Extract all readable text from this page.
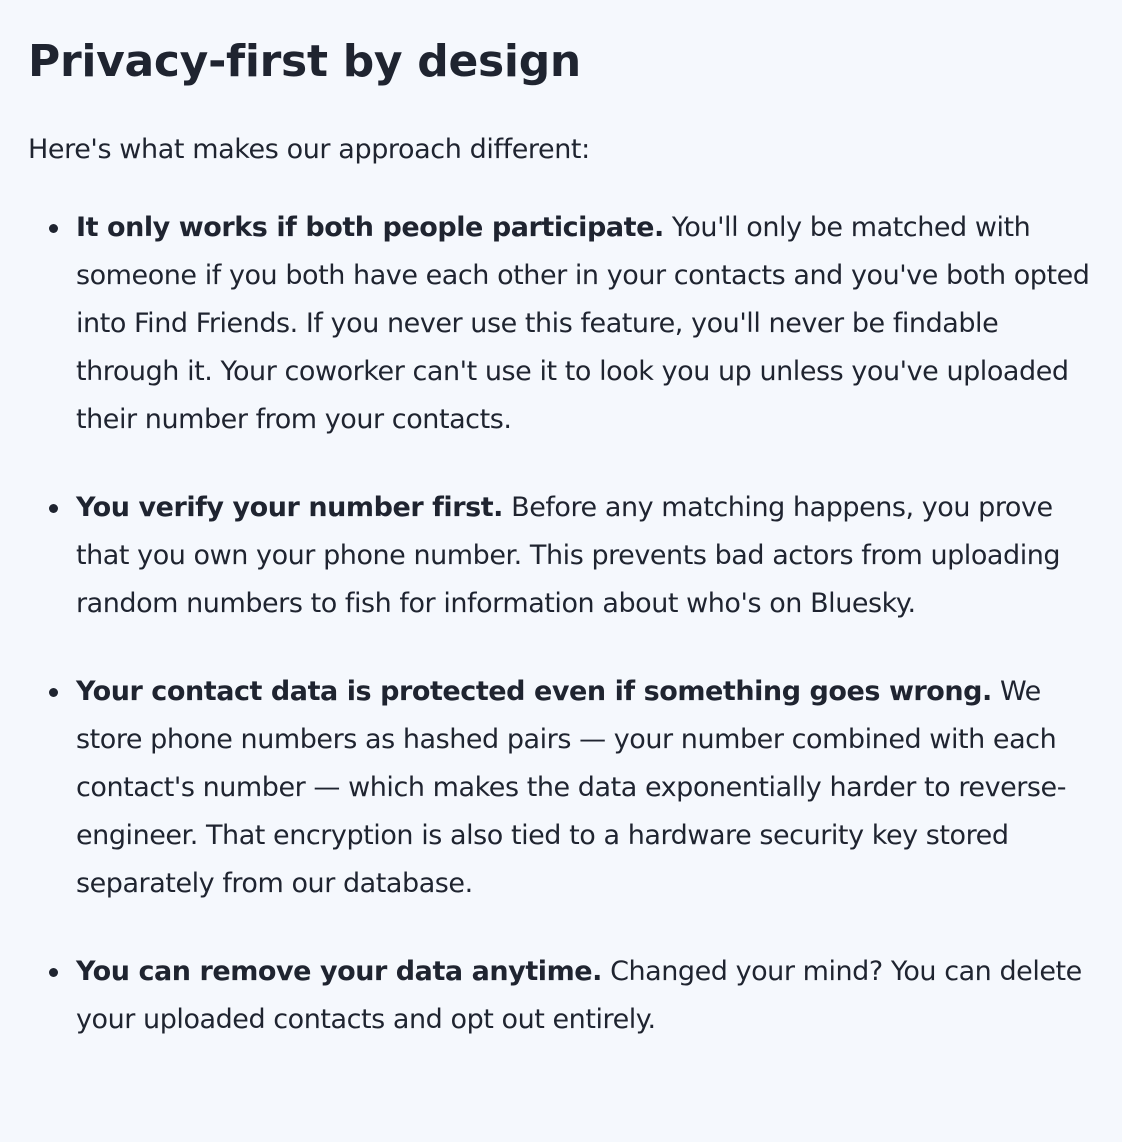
Privacy-first by design

Here's what makes our approach different:

It only works if both people participate. You'll only be matched with someone if you both have each other in your contacts and you've both opted into Find Friends. If you never use this feature, you'll never be findable through it. Your coworker can't use it to look you up unless you've uploaded their number from your contacts.
You verify your number first. Before any matching happens, you prove that you own your phone number. This prevents bad actors from uploading random numbers to fish for information about who's on Bluesky.
Your contact data is protected even if something goes wrong. We store phone numbers as hashed pairs — your number combined with each contact's number — which makes the data exponentially harder to reverse-engineer. That encryption is also tied to a hardware security key stored separately from our database.
You can remove your data anytime. Changed your mind? You can delete your uploaded contacts and opt out entirely.
